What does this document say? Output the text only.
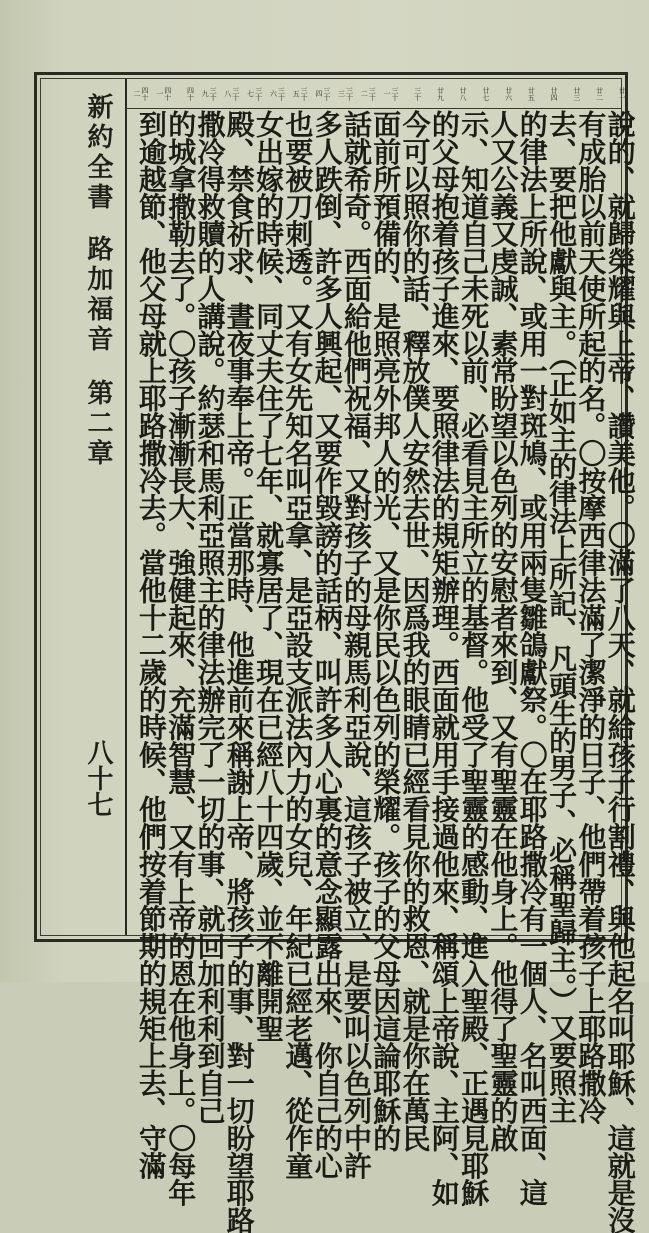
四十 二	四十 一	四十	三十 九	三十 八	三十 七	三十 六	三十 五	三十 四	三十 三	三十 二	三十 一	三十	廿九	廿八	廿七	廿六	廿五	廿四	廿三	廿二	廿一
新約全書
路加福音
第二章
八十七	說的、就歸榮耀與上帝、讚美他。〇滿了八天、就給孩子行割禮、與他起名叫耶穌、這就是沒
有成胎以前天使所起的名。〇按摩西律法滿了潔淨的日子、他們帶着孩子上耶路撒冷
去、要把他獻與主。（正如主的律法上所記、凡頭生的男子、必稱聖歸主。）又要照主
的律法上所說、或用一對斑鳩、或用兩隻雛鴿獻祭。〇在耶路撒冷有一個人、名叫西面、這
人又公義又虔誠、素常盼望以色列的安慰者來到、又有聖靈在他身上。他得了聖靈的啟
示、知道自己未死以前、必看見主所立的基督。他受了聖靈的感動、進入聖殿、正遇見耶穌
的父母抱着孩子進來、要照律法的規矩辦理。西面就用手接過他來、稱頌上帝說、主阿、如
今可以照你的話、釋放僕人安然去世、因爲我的眼睛已經看見你的救恩、就是你在萬民
面前所預備的、是照亮外邦人的光、又是你民以色列的榮耀。孩子的父母因這論耶穌的
話就希奇。西面給他們祝福、又對孩子的母親馬利亞說、這孩子被立、是要叫以色列中許
多人跌倒、許多人興起、又要作毀謗的話柄、叫許多人心裏的意念顯露出來、你自己的心
也要被刀刺透。又有女先知名叫亞拿、是亞設支派法內力的女兒、年紀已經老邁、從作童
女出嫁的時候、同丈夫住了七年、就寡居了、現在已經八十四歲、並不離開聖
殿、禁食祈求、晝夜事奉上帝。正當那時、他進前來稱謝上帝、將孩子的事、對一切盼望耶路
撒冷得救贖的人講說。約瑟和馬利亞照主的律法辦完了一切的事、就回加利利到自己
的城拿撒勒去了。〇孩子漸漸長大、強健起來、充滿智慧、又有上帝的恩在他身上。〇每年
到逾越節、他父母就上耶路撒冷去。當他十二歲的時候、他們按着節期的規矩上去、守滿
